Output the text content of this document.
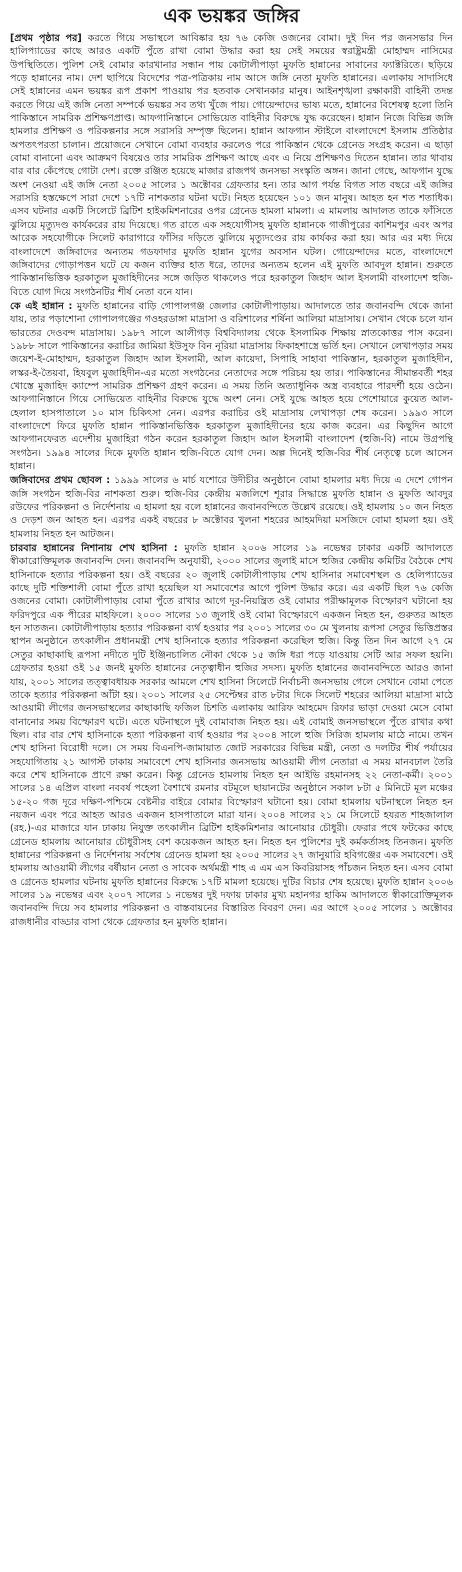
এক ভয়ঙ্কর জঙ্গির

[প্রথম পৃষ্ঠার পর] করতে গিয়ে সভাস্থলে আবিষ্কার হয় ৭৬ কেজি ওজনের বোমা। দুই দিন পর জনসভার দিন হালিপ্যাডের কাছে আরও একটি পুঁতে রাখা বোমা উদ্ধার করা হয় সেই সময়ের স্বরাষ্ট্রমন্ত্রী মোহাম্মদ নাসিমের উপস্থিতিতে। পুলিশ সেই বোমার কারখানার সন্ধান পায় কোটালীপাড়া মুফতি হান্নানের সাবানের ফ্যাক্টরিতে। ছড়িয়ে পড়ে হান্নানের নাম। দেশ ছাপিয়ে বিদেশের পত্র-পত্রিকায় নাম আসে জঙ্গি নেতা মুফতি হান্নানের। এলাকায় সাদাসিধে সেই হান্নানের এমন ভয়ঙ্কর রূপ প্রকাশ পাওয়ায় পর হতবাক সেখানকার মানুষ। আইনশৃঙ্খলা রক্ষাকারী বাহিনী তদন্ত করতে গিয়ে এই জঙ্গি নেতা সম্পর্কে ভয়ঙ্কর সব তথ্য খুঁজে পায়। গোয়েন্দাদের ভাষ্য মতে, হান্নানের বিশেষত্ব হলো তিনি পাকিস্তানে সামরিক প্রশিক্ষণপ্রাপ্ত। আফগানিস্তানে সোভিয়েত বাহিনীর বিরুদ্ধে যুদ্ধ করেছেন। হান্নান নিজে বিভিন্ন জঙ্গি হামলার প্রশিক্ষণ ও পরিকল্পনার সঙ্গে সরাসরি সম্পৃক্ত ছিলেন। হান্নান আফগান স্টাইলে বাংলাদেশে ইসলাম প্রতিষ্ঠার অপতৎপরতা চালান। প্রয়োজনে সেখানে বোমা ব্যবহার করলেও পরে পাকিস্তান থেকে গ্রেনেড সংগ্রহ করেন। এ ছাড়া বোমা বানানো এবং আক্রমণ বিষয়েও তার সামরিক প্রশিক্ষণ আছে এবং এ নিয়ে প্রশিক্ষণও দিতেন হান্নান। তার থাবায় বার বার কেঁপেছে গোটা দেশ। রক্তে রঞ্জিত হয়েছে মাজার রাজপথ জনসভা সংস্কৃতি অঙ্গন। জানা গেছে, আফগান যুদ্ধে অংশ নেওয়া এই জঙ্গি নেতা ২০০৫ সালের ১ অক্টোবর গ্রেফতার হন। তার আগ পর্যন্ত বিগত সাত বছরে এই জঙ্গির সরাসরি হস্তক্ষেপে সারা দেশে ১৭টি নাশকতার ঘটনা ঘটে। নিহত হয়েছেন ১০১ জন মানুষ। আহত হন শত শতাধিক। এসব ঘটনার একটি সিলেটে ব্রিটিশ হাইকমিশনারের ওপর গ্রেনেড হামলা মামলা। এ মামলায় আদালত তাকে ফাঁসিতে ঝুলিয়ে মৃত্যুদণ্ড কার্যকরের রায় দিয়েছে। গত রাতে এক সহযোগীসহ মুফতি হান্নানকে গাজীপুরের কাশিমপুর এবং অপর আরেক সহযোগীকে সিলেট কারাগারে ফাঁসির দড়িতে ঝুলিয়ে মৃত্যুদণ্ডের রায় কার্যকর করা হয়। আর এর মধ্য দিয়ে বাংলাদেশে জঙ্গিবাদের অন্যতম গডফাদার মুফতি হান্নান যুগের অবসান ঘটল। গোয়েন্দাদের মতে, বাংলাদেশে জঙ্গিবাদের গোড়াপত্তন ঘটে যে কজন ব্যক্তির হাত ধরে, তাদের অন্যতম হলেন এই মুফতি আবদুল হান্নান। শুরুতে পাকিস্তানভিত্তিক হরকাতুল মুজাহিদীনের সঙ্গে জড়িত থাকলেও পরে হরকাতুল জিহাদ আল ইসলামী বাংলাদেশ হুজি-বিতে যোগ দিয়ে সংগঠনটির শীর্ষ নেতা বনে যান।

কে এই হান্নান : মুফতি হান্নানের বাড়ি গোপালগঞ্জ জেলার কোটালীপাড়ায়। আদালতে তার জবানবন্দি থেকে জানা যায়, তার পড়াশোনা গোপালগঞ্জের গওহরডাঙ্গা মাদ্রাসা ও বরিশালের শর্ষিনা আলিয়া মাদ্রাসায়। সেখান থেকে চলে যান ভারতের দেওবন্দ মাদ্রাসায়। ১৯৮৭ সালে আলীগড় বিশ্ববিদ্যালয় থেকে ইসলামিক শিক্ষায় স্নাতকোত্তর পাস করেন। ১৯৮৮ সালে পাকিস্তানের করাচির জামিয়া ইউসুফ বিন নূরিয়া মাদ্রাসায় ফিকাহশাস্ত্রে ভর্তি হন। সেখানে লেখাপড়ার সময় জয়েশ-ই-মোহাম্মদ, হরকাতুল জিহাদ আল ইসলামী, আল কায়েদা, সিপাহি সাহাবা পাকিস্তান, হরকাতুল মুজাহিদীন, লস্কর-ই-তৈয়বা, হিযবুল মুজাহিদীন-এর মতো সংগঠনের নেতাদের সঙ্গে পরিচয় হয় তার। পাকিস্তানের সীমান্তবর্তী শহর খোস্তে মুজাহিদ ক্যাম্পে সামরিক প্রশিক্ষণ গ্রহণ করেন। এ সময় তিনি অত্যাধুনিক অস্ত্র ব্যবহারে পারদর্শী হয়ে ওঠেন। আফগানিস্তানে গিয়ে সোভিয়েত বাহিনীর বিরুদ্ধে যুদ্ধে অংশ নেন। সেই যুদ্ধে আহত হয়ে পেশোয়ারে কুয়েত আল-হেলাল হাসপাতালে ১০ মাস চিকিৎসা নেন। এরপর করাচির ওই মাদ্রাসায় লেখাপড়া শেষ করেন। ১৯৯৩ সালে বাংলাদেশে ফিরে মুফতি হান্নান পাকিস্তানভিত্তিক হরকাতুল মুজাহিদীনের হয়ে কাজ করেন। এর কিছুদিন আগে আফগানফেরত এদেশীয় মুজাহিরা গঠন করেন হরকাতুল জিহাদ আল ইসলামী বাংলাদেশ (হুজি-বি) নামে উগ্রপন্থি সংগঠন। ১৯৯৪ সালের দিকে মুফতি হান্নান হুজি-বিতে যোগ দেন। অল্প দিনেই হুজি-বির শীর্ষ নেতৃত্বে চলে আসেন হান্নান।

জঙ্গিবাদের প্রথম ছোবল : ১৯৯৯ সালের ৬ মার্চ যশোরে উদীচীর অনুষ্ঠানে বোমা হামলার মধ্য দিয়ে এ দেশে গোপন জঙ্গি সংগঠন হুজি-বির নাশকতা শুরু। হুজি-বির কেন্দ্রীয় মজলিশে শূরার সিদ্ধান্তে মুফতি হান্নান ও মুফতি আবদুর রউফের পরিকল্পনা ও নির্দেশনায় এ হামলা হয় বলে হান্নানের জবানবন্দিতে উল্লেখ রয়েছে। ওই হামলায় ১০ জন নিহত ও দেড়শ জন আহত হন। এরপর একই বছরের ৮ অক্টোবর খুলনা শহরের আহমদিয়া মসজিদে বোমা হামলা হয়। ওই হামলায় নিহত হন আটজন।

চারবার হান্নানের নিশানায় শেখ হাসিনা : মুফতি হান্নান ২০০৬ সালের ১৯ নভেম্বর ঢাকার একটি আদালতে স্বীকারোক্তিমূলক জবানবন্দি দেন। জবানবন্দি অনুযায়ী, ২০০০ সালের জুলাই মাসে হুজির কেন্দ্রীয় কমিটির বৈঠকে শেখ হাসিনাকে হত্যার পরিকল্পনা হয়। ওই বছরের ২০ জুলাই কোটালীপাড়ায় শেখ হাসিনার সমাবেশস্থল ও হেলিপ্যাডের কাছে দুটি শক্তিশালী বোমা পুঁতে রাখা হয়েছিল যা সমাবেশের আগে পুলিশ উদ্ধার করে। এর একটি ছিল ৭৬ কেজি ওজনের বোমা। কোটালীপাড়ায় বোমা পুঁতে রাখার আগে দূর-নিয়ন্ত্রিত ওই বোমার পরীক্ষামূলক বিস্ফোরণ ঘটানো হয় ফরিদপুরে এক পীরের মাহফিলে। ২০০০ সালের ১৩ জুলাই ওই বোমা বিস্ফোরণে একজন নিহত হন, গুরুতর আহত হন সাতজন। কোটালীপাড়ায় হত্যার পরিকল্পনা ব্যর্থ হওয়ার পর ২০০১ সালের ৩০ মে খুলনায় রূপসা সেতুর ভিত্তিপ্রস্তর স্থাপন অনুষ্ঠানে তৎকালীন প্রধানমন্ত্রী শেখ হাসিনাকে হত্যার পরিকল্পনা করেছিল হুজি। কিন্তু তিন দিন আগে ২৭ মে সেতুর কাছাকাছি রূপসা নদীতে দুটি ইঞ্জিনচালিত নৌকা থেকে ১৫ জঙ্গি ধরা পড়ে যাওয়ায় সেটি আর সফল হয়নি। গ্রেফতার হওয়া ওই ১৫ জনই মুফতি হান্নানের নেতৃত্বাধীন হুজির সদস্য। মুফতি হান্নানের জবানবন্দিতে আরও জানা যায়, ২০০১ সালের তত্ত্বাবধায়ক সরকার আমলে শেখ হাসিনা সিলেটে নির্বাচনী জনসভায় গেলে সেখানে বোমা পেতে তাকে হত্যার পরিকল্পনা আঁটা হয়। ২০০১ সালের ২৫ সেপ্টেম্বর রাত ৮টার দিকে সিলেট শহরের আলিয়া মাদ্রাসা মাঠে আওয়ামী লীগের জনসভাস্থলের কাছাকাছি ফজিল চিশতি এলাকায় আরিফ আহমেদ রিফার ভাড়া দেওয়া মেসে বোমা বানানোর সময় বিস্ফোরণ ঘটে। এতে ঘটনাস্থলে দুই বোমাবাজ নিহত হয়। এই বোমাই জনসভাস্থলে পুঁতে রাখার কথা ছিল। বার বার শেখ হাসিনাকে হত্যা পরিকল্পনা ব্যর্থ হওয়ার পর ২০০৪ সালে হুজি সিরিজ হামলায় মাঠে নামে। তখন শেখ হাসিনা বিরোধী দলে। সে সময় বিএনপি-জামায়াত জোট সরকারের বিভিন্ন মন্ত্রী, নেতা ও দলটির শীর্ষ পর্যায়ের সহযোগিতায় ২১ আগস্ট ঢাকায় সমাবেশে শেখ হাসিনার জনসভায় আওয়ামী লীগ নেতারা এ সময় মানবঢাল তৈরি করে শেখ হাসিনাকে প্রাণে রক্ষা করেন। কিন্তু গ্রেনেড হামলায় নিহত হন আইভি রহমানসহ ২২ নেতা-কর্মী। ২০০১ সালের ১৪ এপ্রিল বাংলা নববর্ষ পহেলা বৈশাখে রমনার বটমূলে ছায়ানটের অনুষ্ঠানে সকাল ৮টা ৫ মিনিটে মূল মঞ্চের ১৫-২০ গজ দূরে দক্ষিণ-পশ্চিমে বেষ্টনীর বাইরে বোমার বিস্ফোরণ ঘটানো হয়। বোমা হামলায় ঘটনাস্থলে নিহত হন নয়জন এবং পরে আহত আরও একজন হাসপাতালে মারা যান। ২০০৪ সালের ২১ মে সিলেটে হযরত শাহজালাল (রহ.)-এর মাজারে যান ঢাকায় নিযুক্ত তৎকালীন ব্রিটিশ হাইকমিশনার আনোয়ার চৌধুরী। ফেরার পথে ফটকের কাছে গ্রেনেড হামলায় আনোয়ার চৌধুরীসহ বেশ কয়েকজন আহত হন। নিহত হন পুলিশের দুই কর্মকর্তাসহ তিনজন। মুফতি হান্নানের পরিকল্পনা ও নির্দেশনায় সর্বশেষ গ্রেনেড হামলা হয় ২০০৫ সালের ২৭ জানুয়ারি হবিগঞ্জের এক সমাবেশে। ওই হামলায় আওয়ামী লীগের বর্ষীয়ান নেতা ও সাবেক অর্থমন্ত্রী শাহ এ এম এস কিবরিয়াসহ পাঁচজন নিহত হন। এসব বোমা ও গ্রেনেড হামলার ঘটনায় মুফতি হান্নানের বিরুদ্ধে ১৭টি মামলা হয়েছে। দুটির বিচার শেষ হয়েছে। মুফতি হান্নান ২০০৬ সালের ১৯ নভেম্বর এবং ২০০৭ সালের ১ নভেম্বর দুই দফায় ঢাকার মুখ্য মহানগর হাকিম আদালতে স্বীকারোক্তিমূলক জবানবন্দি দিয়ে সব হামলার পরিকল্পনা ও বাস্তবায়নের বিস্তারিত বিবরণ দেন। এর আগে ২০০৫ সালের ১ অক্টোবর রাজধানীর বাড্ডার বাসা থেকে গ্রেফতার হন মুফতি হান্নান।
